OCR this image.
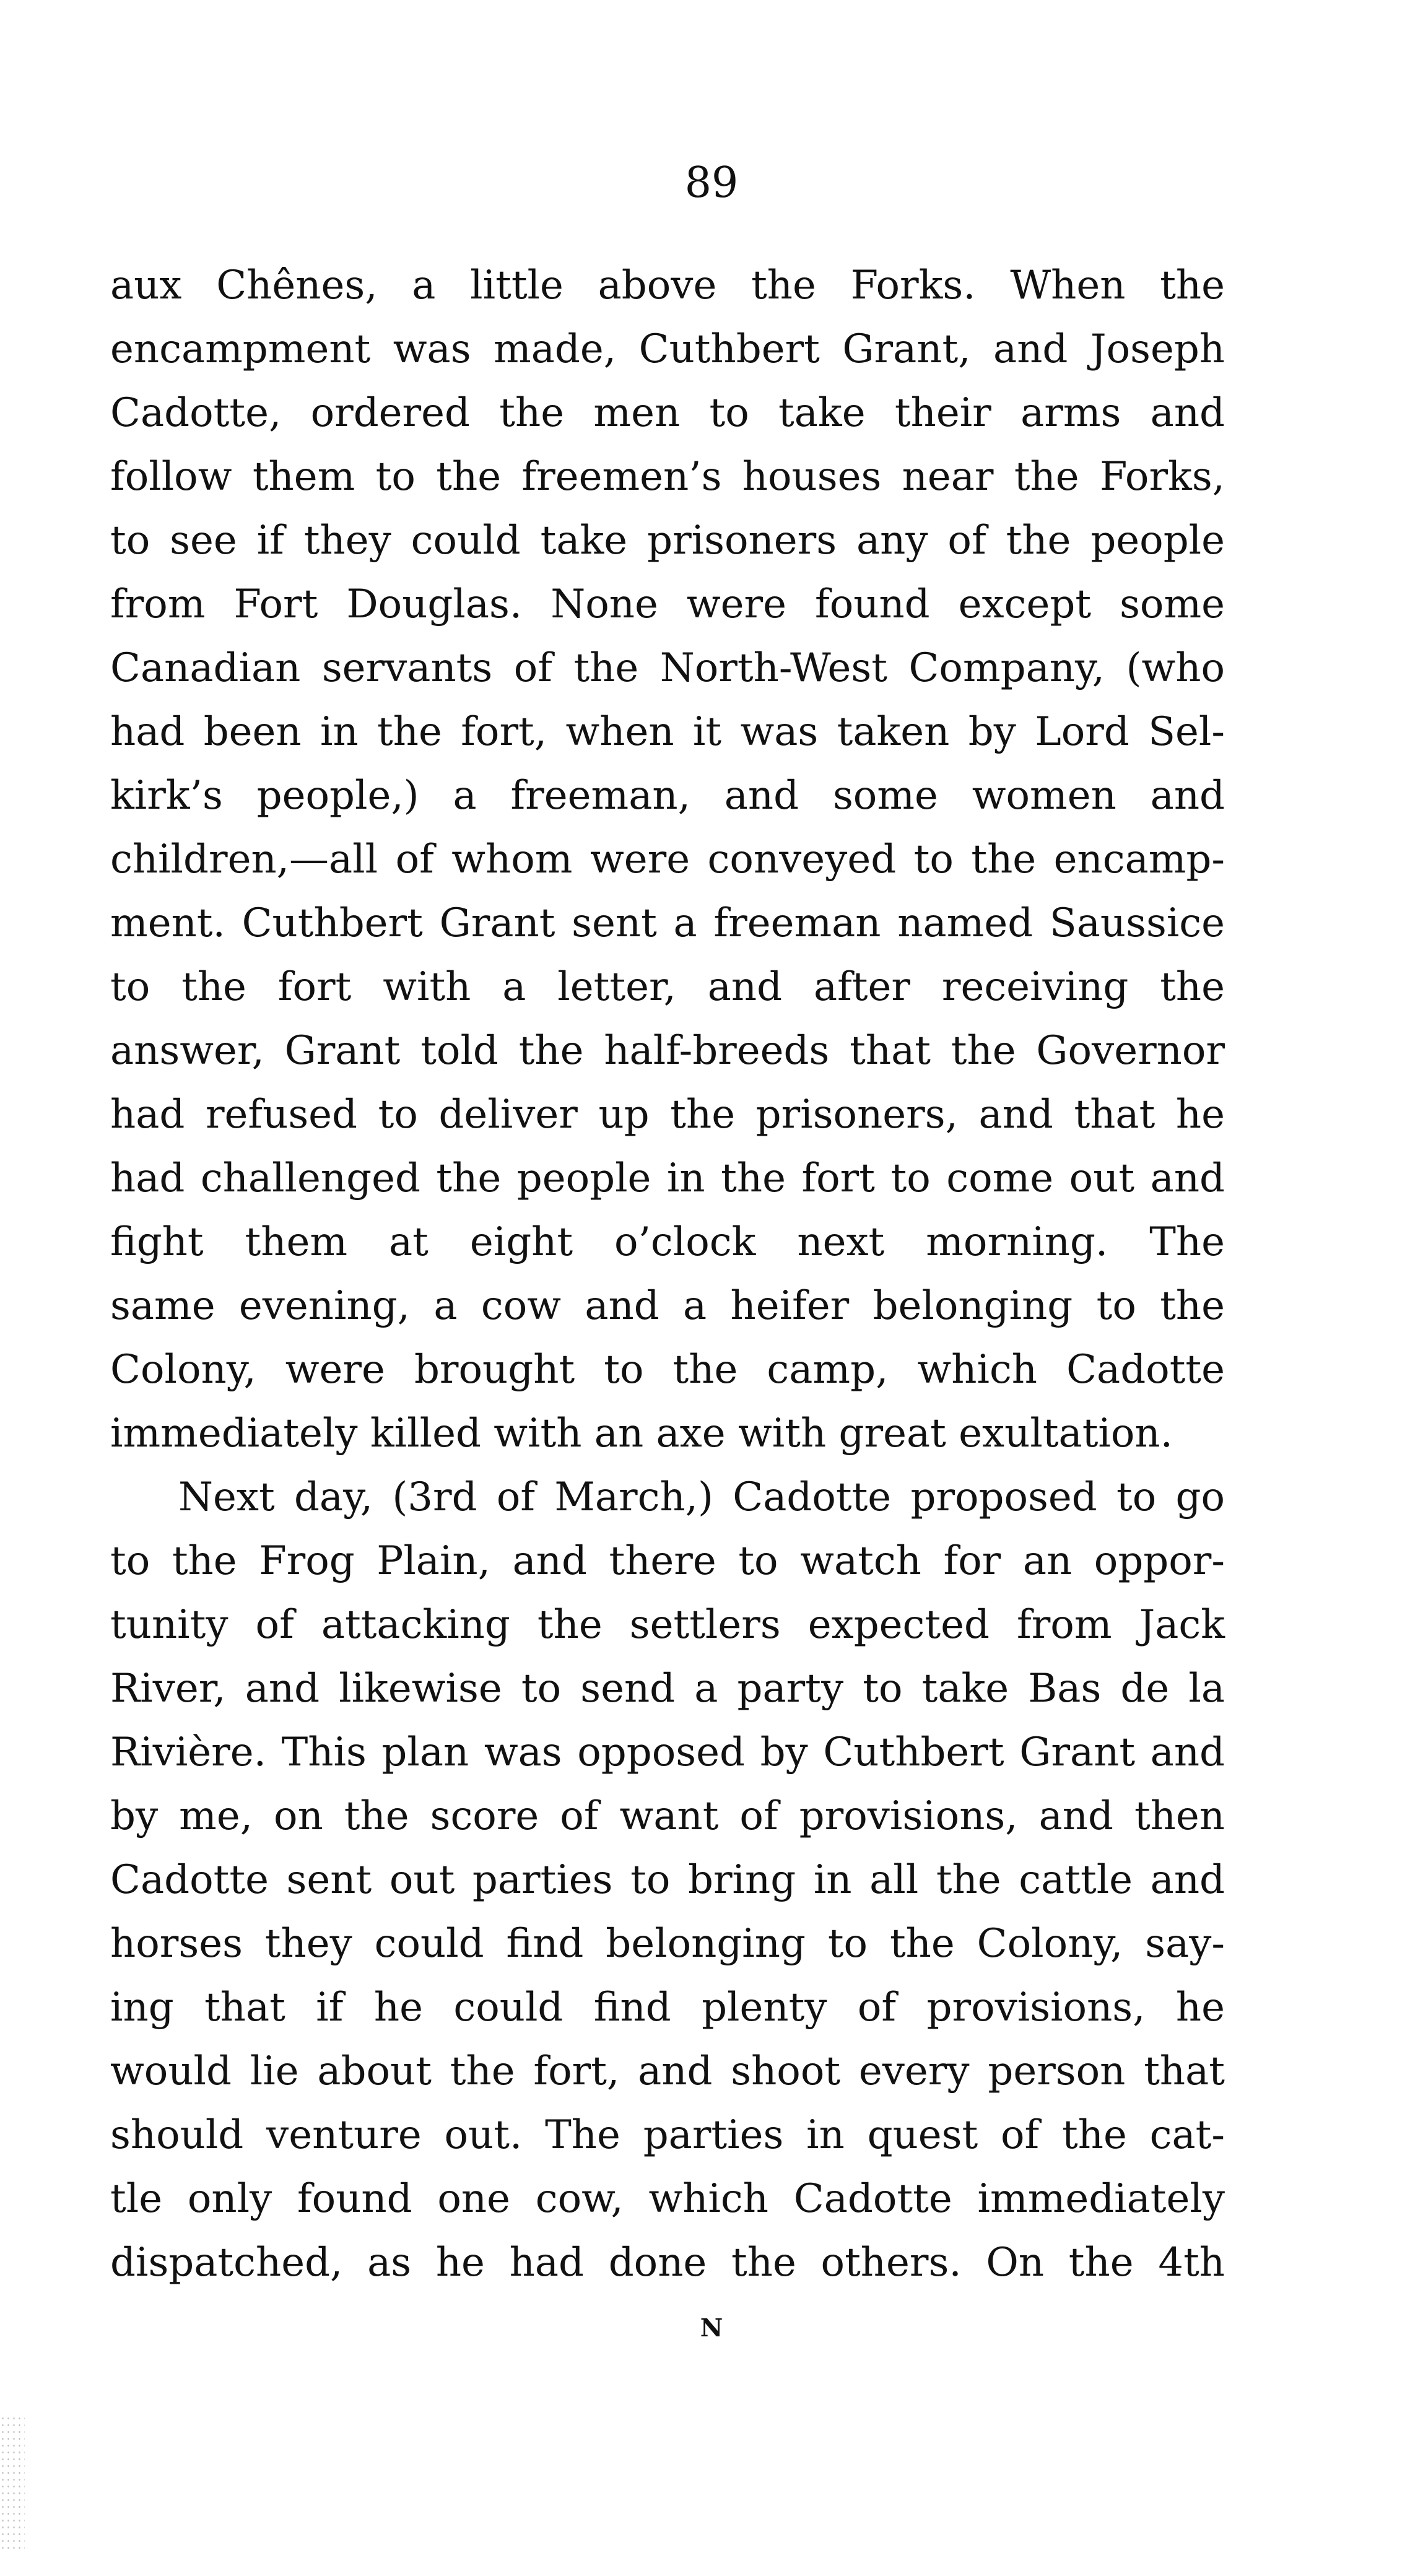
89
aux Chênes, a little above the Forks. When the
encampment was made, Cuthbert Grant, and Joseph
Cadotte, ordered the men to take their arms and
follow them to the freemen’s houses near the Forks,
to see if they could take prisoners any of the people
from Fort Douglas. None were found except some
Canadian servants of the North-West Company, (who
had been in the fort, when it was taken by Lord Sel-
kirk’s people,) a freeman, and some women and
children,—all of whom were conveyed to the encamp-
ment. Cuthbert Grant sent a freeman named Saussice
to the fort with a letter, and after receiving the
answer, Grant told the half-breeds that the Governor
had refused to deliver up the prisoners, and that he
had challenged the people in the fort to come out and
fight them at eight o’clock next morning. The
same evening, a cow and a heifer belonging to the
Colony, were brought to the camp, which Cadotte
immediately killed with an axe with great exultation.
Next day, (3rd of March,) Cadotte proposed to go
to the Frog Plain, and there to watch for an oppor-
tunity of attacking the settlers expected from Jack
River, and likewise to send a party to take Bas de la
Rivière. This plan was opposed by Cuthbert Grant and
by me, on the score of want of provisions, and then
Cadotte sent out parties to bring in all the cattle and
horses they could find belonging to the Colony, say-
ing that if he could find plenty of provisions, he
would lie about the fort, and shoot every person that
should venture out. The parties in quest of the cat-
tle only found one cow, which Cadotte immediately
dispatched, as he had done the others. On the 4th
N
